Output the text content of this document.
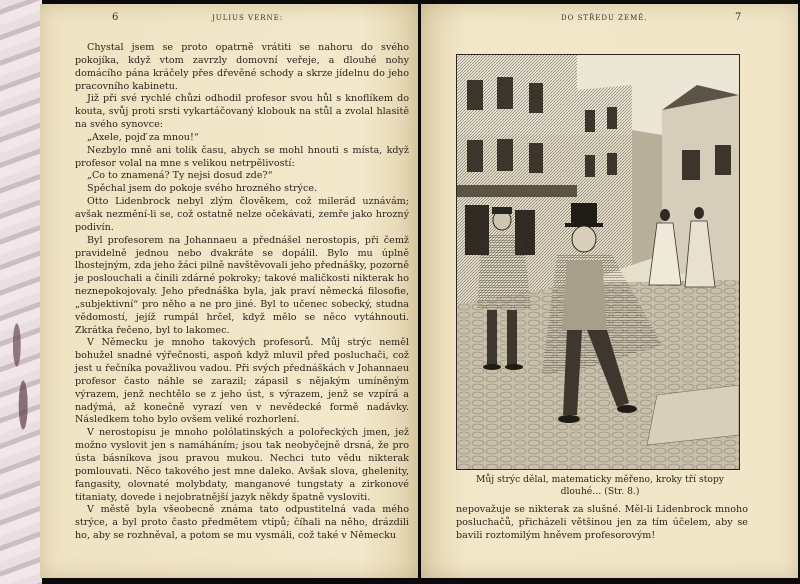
6	JULIUS VERNE:

Chystal jsem se proto opatrně vrátiti se nahoru do svého pokojíka, když vtom zavrzly domovní veřeje, a dlouhé nohy domácího pána kráčely přes dřevěné schody a skrze jídelnu do jeho pracovního kabinetu.

Již při své rychlé chůzi odhodil profesor svou hůl s knoflíkem do kouta, svůj proti srsti vykartáčovaný klobouk na stůl a zvolal hlasitě na svého synovce:

„Axele, pojď za mnou!“

Nezbylo mně ani tolik času, abych se mohl hnouti s místa, když profesor volal na mne s velikou netrpělivostí:

„Co to znamená? Ty nejsi dosud zde?“

Spěchal jsem do pokoje svého hrozného strýce.

Otto Lidenbrock nebyl zlým člověkem, což milerád uznávám; avšak nezmění-li se, což ostatně nelze očekávati, zemře jako hrozný podivín.

Byl profesorem na Johannaeu a přednášel nerostopis, při čemž pravidelně jednou nebo dvakráte se dopálil. Bylo mu úplně lhostejným, zda jeho žáci pilně navštěvovali jeho přednášky, pozorně je poslouchali a činili zdárné pokroky; takové maličkosti nikterak ho neznepokojovaly. Jeho přednáška byla, jak praví německá filosofie, „subjektivní“ pro něho a ne pro jiné. Byl to učenec sobecký, studna vědomostí, jejíž rumpál hrčel, když mělo se něco vytáhnouti. Zkrátka řečeno, byl to lakomec.

V Německu je mnoho takových profesorů. Můj strýc neměl bohužel snadné výřečnosti, aspoň když mluvil před posluchači, což jest u řečníka považlivou vadou. Při svých přednáškách v Johannaeu profesor často náhle se zarazil; zápasil s nějakým umíněným výrazem, jenž nechtělo se z jeho úst, s výrazem, jenž se vzpírá a nadýmá, až konečně vyrazí ven v nevědecké formě nadávky. Následkem toho bylo ovšem veliké rozhorlení.

V nerostopisu je mnoho polólatinských a polořeckých jmen, jež možno vyslovit jen s namáháním; jsou tak neobyčejně drsná, že pro ústa básníkova jsou pravou mukou. Nechci tuto vědu nikterak pomlouvati. Něco takového jest mne daleko. Avšak slova, ghelenity, fangasity, olovnaté molybdaty, manganové tungstaty a zirkonové titaniaty, dovede i nejobratnější jazyk někdy špatně vysloviti.

V městě byla všeobecně známa tato odpustitelná vada mého strýce, a byl proto často předmětem vtipů; číhali na něho, drázdili ho, aby se rozhněval, a potom se mu vysmáli, což také v Německu

DO STŘEDU ZEMĚ.	7
Můj strýc dělal, matematicky měřeno, kroky tří stopy dlouhé… (Str. 8.)

nepovažuje se nikterak za slušné. Měl-li Lidenbrock mnoho posluchačů, přicházeli většinou jen za tím účelem, aby se bavili roztomilým hněvem profesorovým!
